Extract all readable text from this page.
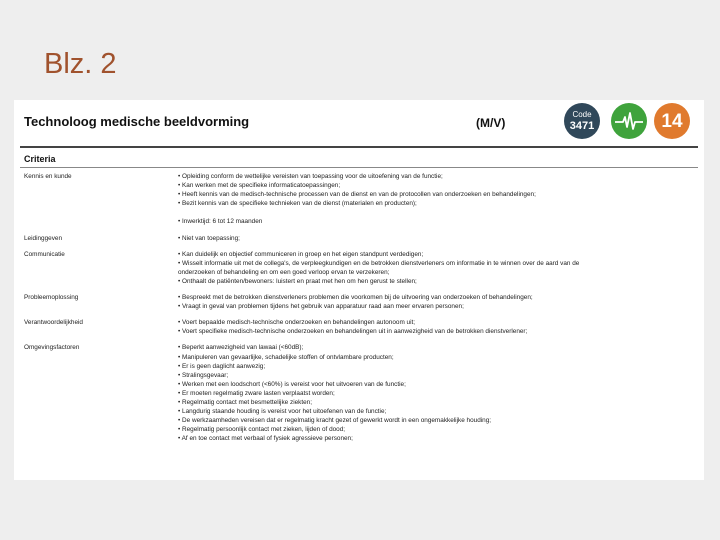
Blz. 2
Technoloog medische beeldvorming	(M/V)
Code
3471	14
Criteria
Kennis en kunde	• Opleiding conform de wettelijke vereisten van toepassing voor de uitoefening van de functie;
• Kan werken met de specifieke informaticatoepassingen;
• Heeft kennis van de medisch-technische processen van de dienst en van de protocollen van onderzoeken en behandelingen;
• Bezit kennis van de specifieke technieken van de dienst (materialen en producten);

• Inwerktijd: 6 tot 12 maanden
Leidinggeven	• Niet van toepassing;
Communicatie	• Kan duidelijk en objectief communiceren in groep en het eigen standpunt verdedigen;
• Wisselt informatie uit met de collega's, de verpleegkundigen en de betrokken dienstverleners om informatie in te winnen over de aard van de
onderzoeken of behandeling en om een goed verloop ervan te verzekeren;
• Onthaalt de patiënten/bewoners: luistert en praat met hen om hen gerust te stellen;
Probleemoplossing	• Bespreekt met de betrokken dienstverleners problemen die voorkomen bij de uitvoering van onderzoeken of behandelingen;
• Vraagt in geval van problemen tijdens het gebruik van apparatuur raad aan meer ervaren personen;
Verantwoordelijkheid	• Voert bepaalde medisch-technische onderzoeken en behandelingen autonoom uit;
• Voert specifieke medisch-technische onderzoeken en behandelingen uit in aanwezigheid van de betrokken dienstverlener;
Omgevingsfactoren	• Beperkt aanwezigheid van lawaai (<60dB);
• Manipuleren van gevaarlijke, schadelijke stoffen of ontvlambare producten;
• Er is geen daglicht aanwezig;
• Stralingsgevaar;
• Werken met een loodschort (<60%) is vereist voor het uitvoeren van de functie;
• Er moeten regelmatig zware lasten verplaatst worden;
• Regelmatig contact met besmettelijke ziekten;
• Langdurig staande houding is vereist voor het uitoefenen van de functie;
• De werkzaamheden vereisen dat er regelmatig kracht gezet of gewerkt wordt in een ongemakkelijke houding;
• Regelmatig persoonlijk contact met zieken, lijden of dood;
• Af en toe contact met verbaal of fysiek agressieve personen;
